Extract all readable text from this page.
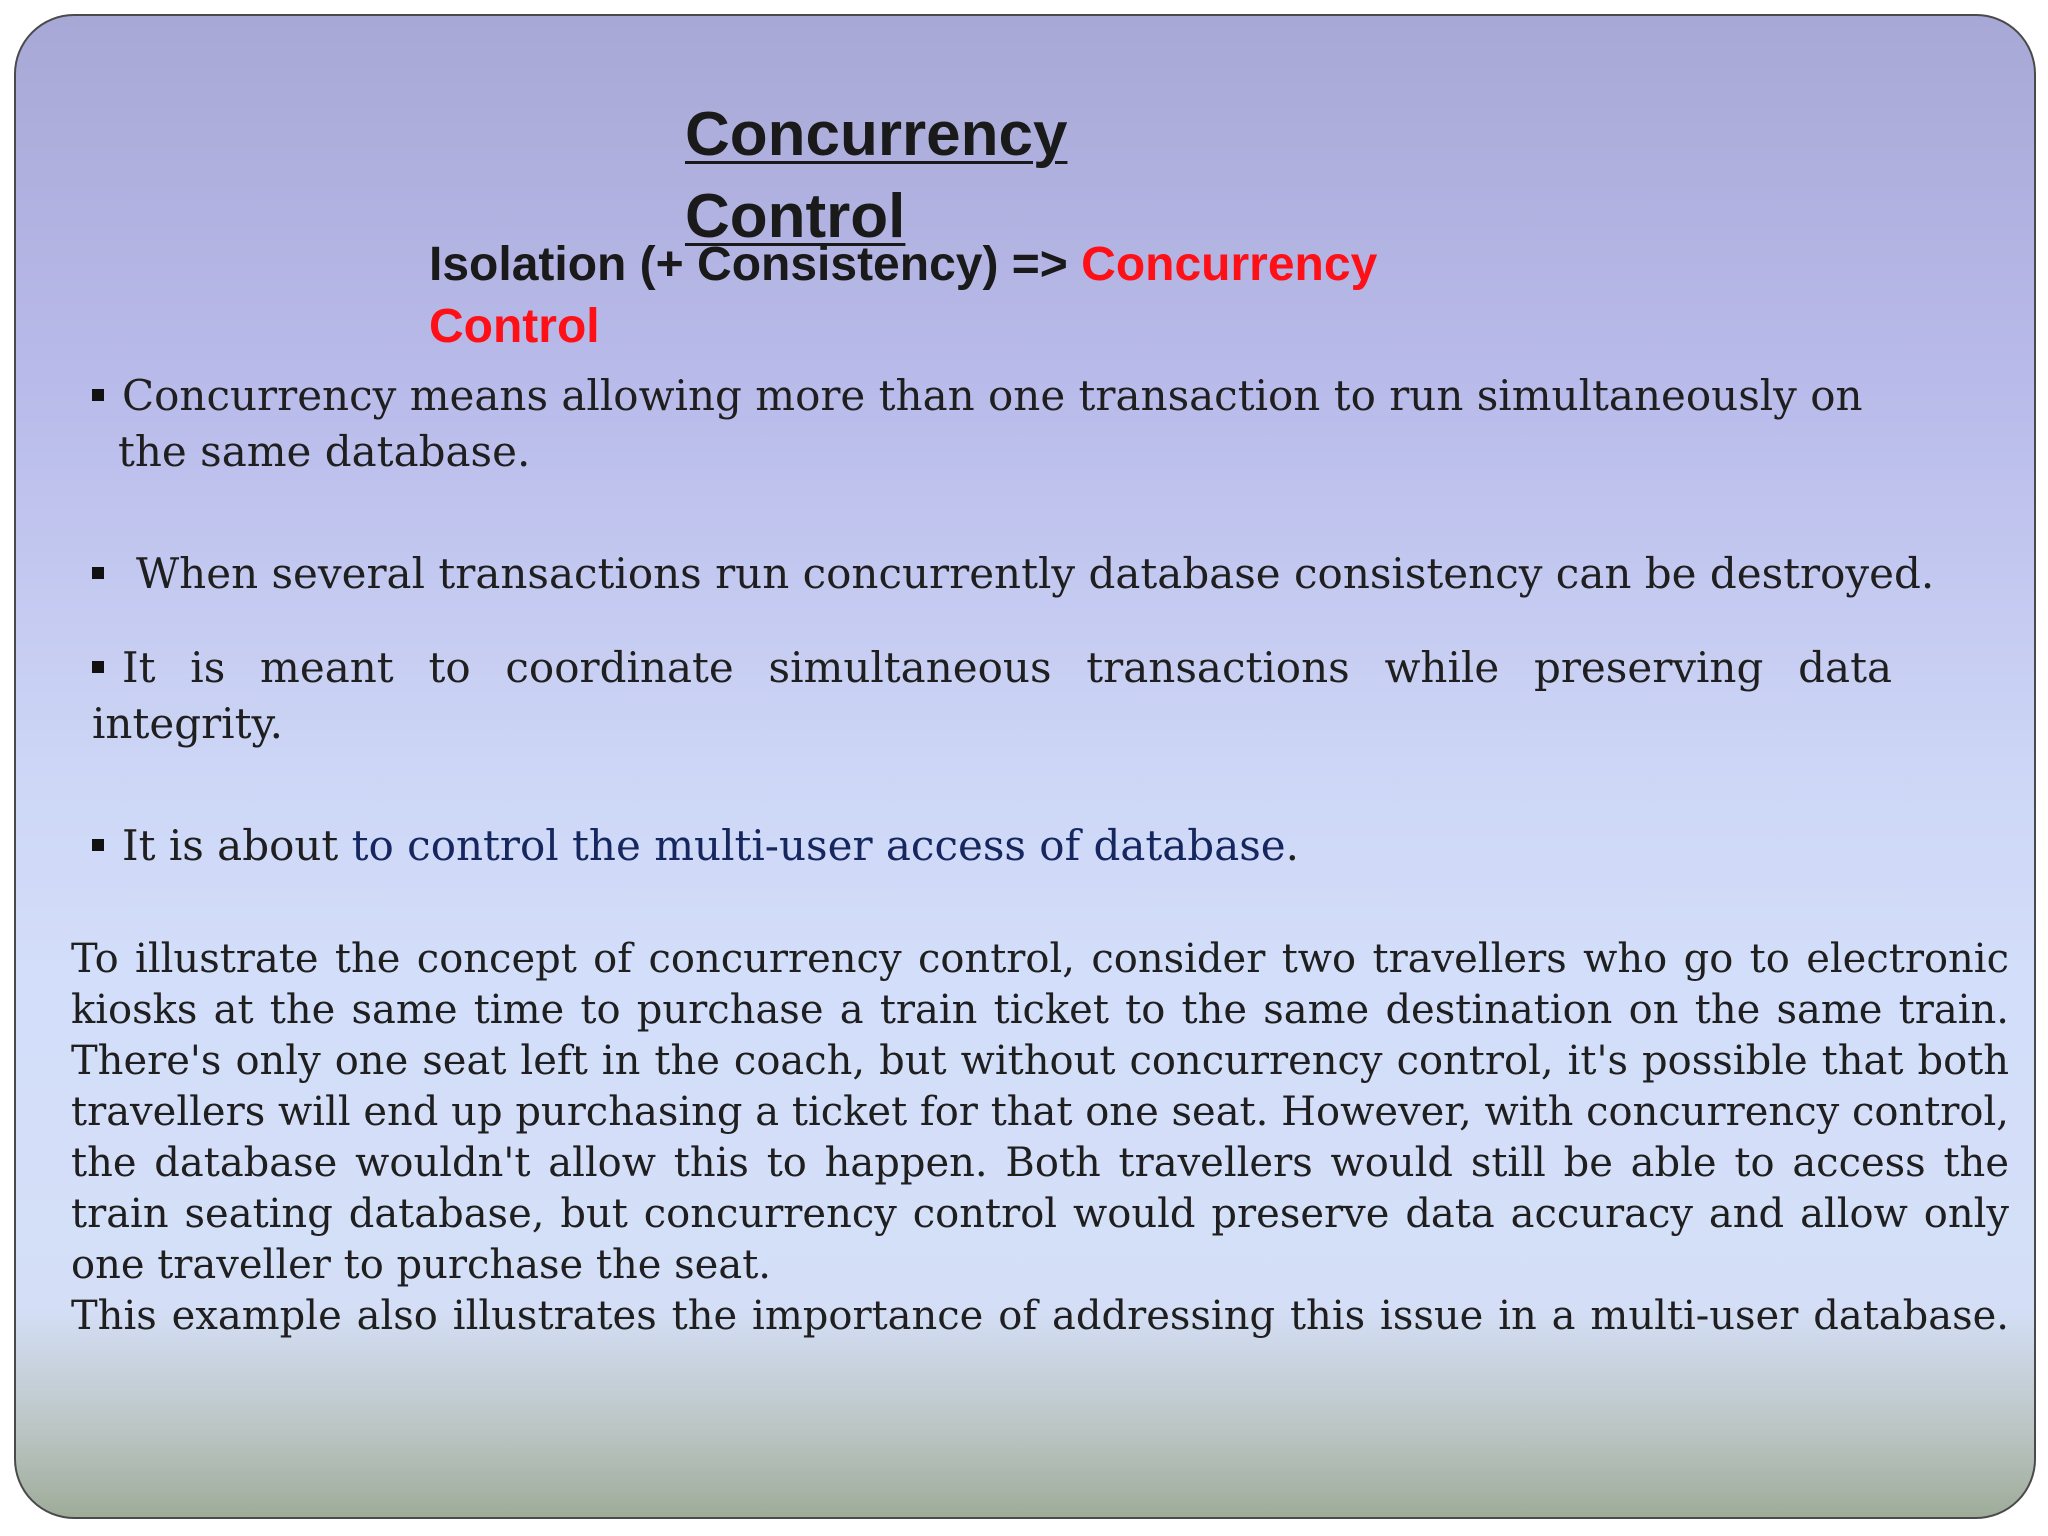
Concurrency Control
Isolation (+ Consistency) => Concurrency Control
Concurrency means allowing more than one transaction to run simultaneously on
the same database.
When several transactions run concurrently database consistency can be destroyed.
It is meant to coordinate simultaneous transactions while preserving data integrity.
It is about to control the multi-user access of database.

To illustrate the concept of concurrency control, consider two travellers who go to electronic kiosks at the same time to purchase a train ticket to the same destination on the same train. There's only one seat left in the coach, but without concurrency control, it's possible that both travellers will end up purchasing a ticket for that one seat. However, with concurrency control, the database wouldn't allow this to happen. Both travellers would still be able to access the train seating database, but concurrency control would preserve data accuracy and allow only one traveller to purchase the seat.

This example also illustrates the importance of addressing this issue in a multi-user database.
